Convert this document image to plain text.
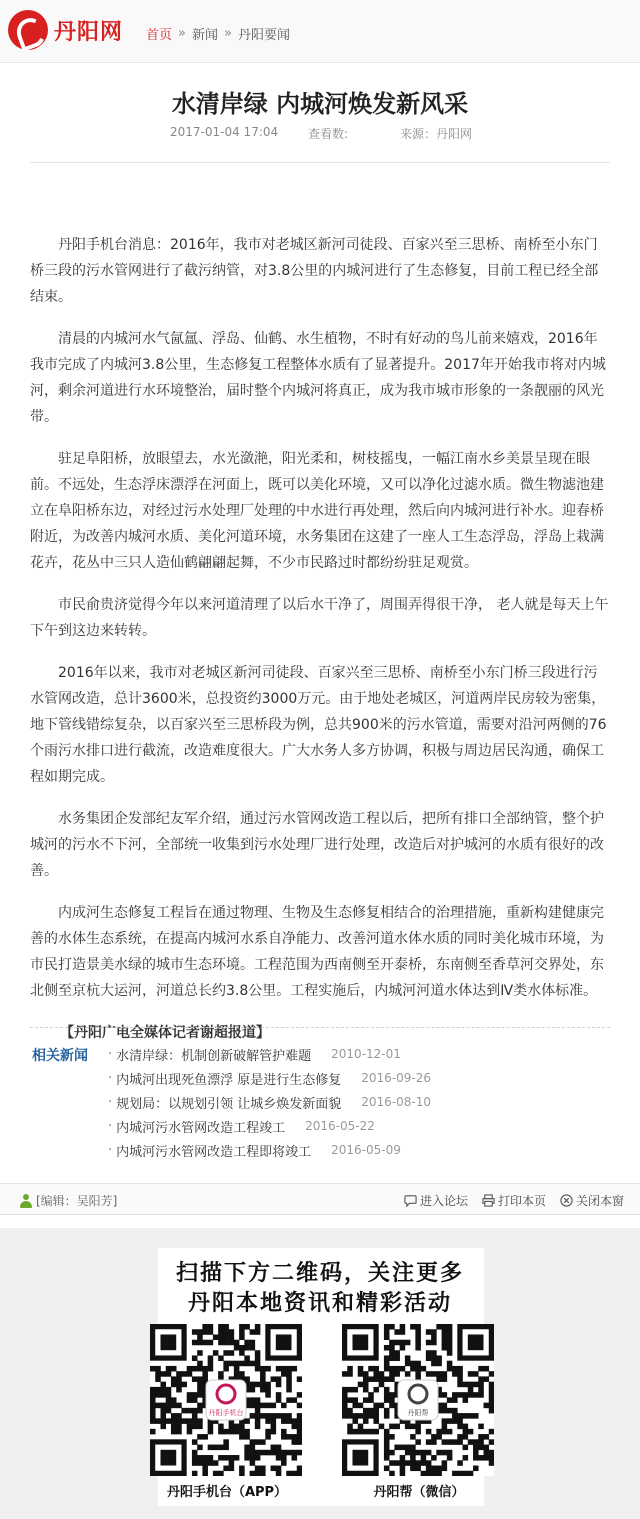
丹阳网 首页 » 新闻 » 丹阳要闻
水清岸绿 内城河焕发新风采
2017-01-04 17:04 查看数:	来源：丹阳网

丹阳手机台消息：2016年，我市对老城区新河司徒段、百家兴至三思桥、南桥至小东门桥三段的污水管网进行了截污纳管，对3.8公里的内城河进行了生态修复，目前工程已经全部结束。

清晨的内城河水气氤氲、浮岛、仙鹤、水生植物，不时有好动的鸟儿前来嬉戏，2016年我市完成了内城河3.8公里，生态修复工程整体水质有了显著提升。2017年开始我市将对内城河，剩余河道进行水环境整治，届时整个内城河将真正，成为我市城市形象的一条靓丽的风光带。

驻足阜阳桥，放眼望去，水光潋滟，阳光柔和，树枝摇曳，一幅江南水乡美景呈现在眼前。不远处，生态浮床漂浮在河面上，既可以美化环境，又可以净化过滤水质。微生物滤池建立在阜阳桥东边，对经过污水处理厂处理的中水进行再处理，然后向内城河进行补水。迎春桥附近，为改善内城河水质、美化河道环境，水务集团在这建了一座人工生态浮岛，浮岛上栽满花卉，花丛中三只人造仙鹤翩翩起舞，不少市民路过时都纷纷驻足观赏。

市民俞贵济觉得今年以来河道清理了以后水干净了，周围弄得很干净， 老人就是每天上午下午到这边来转转。

2016年以来，我市对老城区新河司徒段、百家兴至三思桥、南桥至小东门桥三段进行污水管网改造，总计3600米，总投资约3000万元。由于地处老城区，河道两岸民房较为密集，地下管线错综复杂，以百家兴至三思桥段为例，总共900米的污水管道，需要对沿河两侧的76个雨污水排口进行截流，改造难度很大。广大水务人多方协调，积极与周边居民沟通，确保工程如期完成。

水务集团企发部纪友军介绍，通过污水管网改造工程以后，把所有排口全部纳管，整个护城河的污水不下河，全部统一收集到污水处理厂进行处理，改造后对护城河的水质有很好的改善。

内成河生态修复工程旨在通过物理、生物及生态修复相结合的治理措施，重新构建健康完善的水体生态系统，在提高内城河水系自净能力、改善河道水体水质的同时美化城市环境，为市民打造景美水绿的城市生态环境。工程范围为西南侧至开泰桥，东南侧至香草河交界处，东北侧至京杭大运河，河道总长约3.8公里。工程实施后，内城河河道水体达到Ⅳ类水体标准。

【丹阳广电全媒体记者谢超报道】

相关新闻 · 水清岸绿：机制创新破解管护难题 2010-12-01
· 内城河出现死鱼漂浮 原是进行生态修复 2016-09-26
· 规划局：以规划引领 让城乡焕发新面貌 2016-08-10
· 内城河污水管网改造工程竣工 2016-05-22
· 内城河污水管网改造工程即将竣工 2016-05-09
[编辑：吴阳芳]	进入论坛	打印本页	关闭本窗
扫描下方二维码，关注更多
丹阳本地资讯和精彩活动
丹阳手机台	丹阳帮
丹阳手机台（APP）	丹阳帮（微信）
